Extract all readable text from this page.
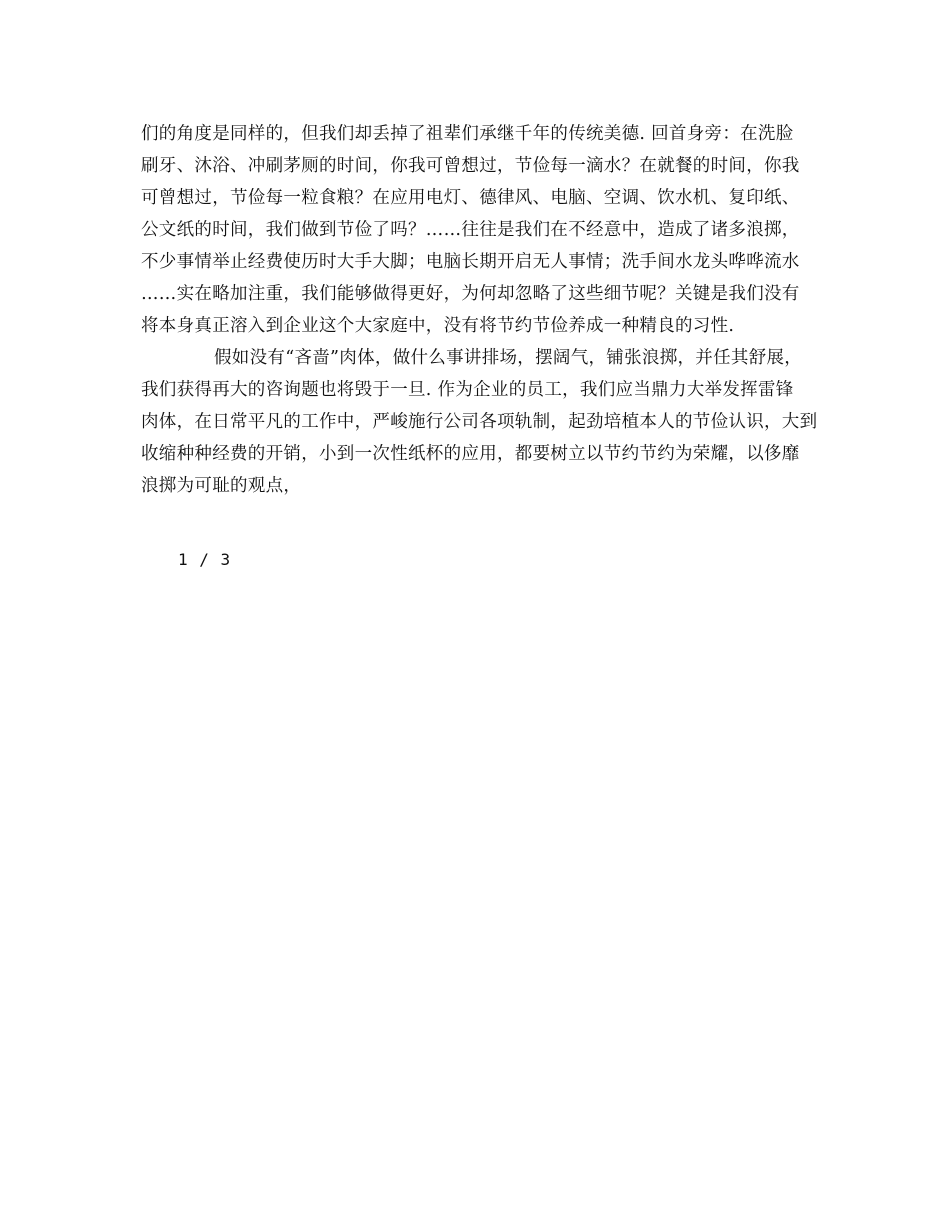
们的角度是同样的，但我们却丢掉了祖辈们承继千年的传统美德. 回首身旁：在洗脸
刷牙、沐浴、冲刷茅厕的时间，你我可曾想过，节俭每一滴水？在就餐的时间，你我
可曾想过，节俭每一粒食粮？在应用电灯、德律风、电脑、空调、饮水机、复印纸、
公文纸的时间，我们做到节俭了吗？……往往是我们在不经意中，造成了诸多浪掷，
不少事情举止经费使历时大手大脚；电脑长期开启无人事情；洗手间水龙头哗哗流水
……实在略加注重，我们能够做得更好，为何却忽略了这些细节呢？关键是我们没有
将本身真正溶入到企业这个大家庭中，没有将节约节俭养成一种精良的习性.
假如没有“吝啬”肉体，做什么事讲排场，摆阔气，铺张浪掷，并任其舒展，
我们获得再大的咨询题也将毁于一旦. 作为企业的员工，我们应当鼎力大举发挥雷锋
肉体，在日常平凡的工作中，严峻施行公司各项轨制，起劲培植本人的节俭认识，大到
收缩种种经费的开销，小到一次性纸杯的应用，都要树立以节约节约为荣耀，以侈靡
浪掷为可耻的观点，
1 / 3
